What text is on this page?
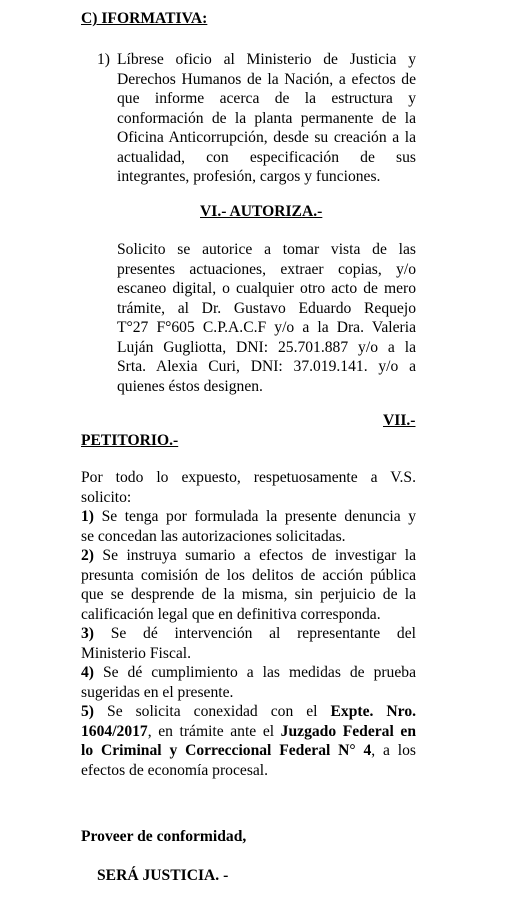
C) IFORMATIVA:
1) Líbrese oficio al Ministerio de Justicia y
Derechos Humanos de la Nación, a efectos de
que informe acerca de la estructura y
conformación de la planta permanente de la
Oficina Anticorrupción, desde su creación a la
actualidad, con especificación de sus
integrantes, profesión, cargos y funciones.
VI.- AUTORIZA.-
Solicito se autorice a tomar vista de las
presentes actuaciones, extraer copias, y/o
escaneo digital, o cualquier otro acto de mero
trámite, al Dr. Gustavo Eduardo Requejo
T°27 F°605 C.P.A.C.F y/o a la Dra. Valeria
Luján Gugliotta, DNI: 25.701.887 y/o a la
Srta. Alexia Curi, DNI: 37.019.141. y/o a
quienes éstos designen.
VII.-
PETITORIO.-
Por todo lo expuesto, respetuosamente a V.S.
solicito:
1) Se tenga por formulada la presente denuncia y
se concedan las autorizaciones solicitadas.
2) Se instruya sumario a efectos de investigar la
presunta comisión de los delitos de acción pública
que se desprende de la misma, sin perjuicio de la
calificación legal que en definitiva corresponda.
3) Se dé intervención al representante del
Ministerio Fiscal.
4) Se dé cumplimiento a las medidas de prueba
sugeridas en el presente.
5) Se solicita conexidad con el Expte. Nro.
1604/2017, en trámite ante el Juzgado Federal en
lo Criminal y Correccional Federal N° 4, a los
efectos de economía procesal.
Proveer de conformidad,
SERÁ JUSTICIA. -
